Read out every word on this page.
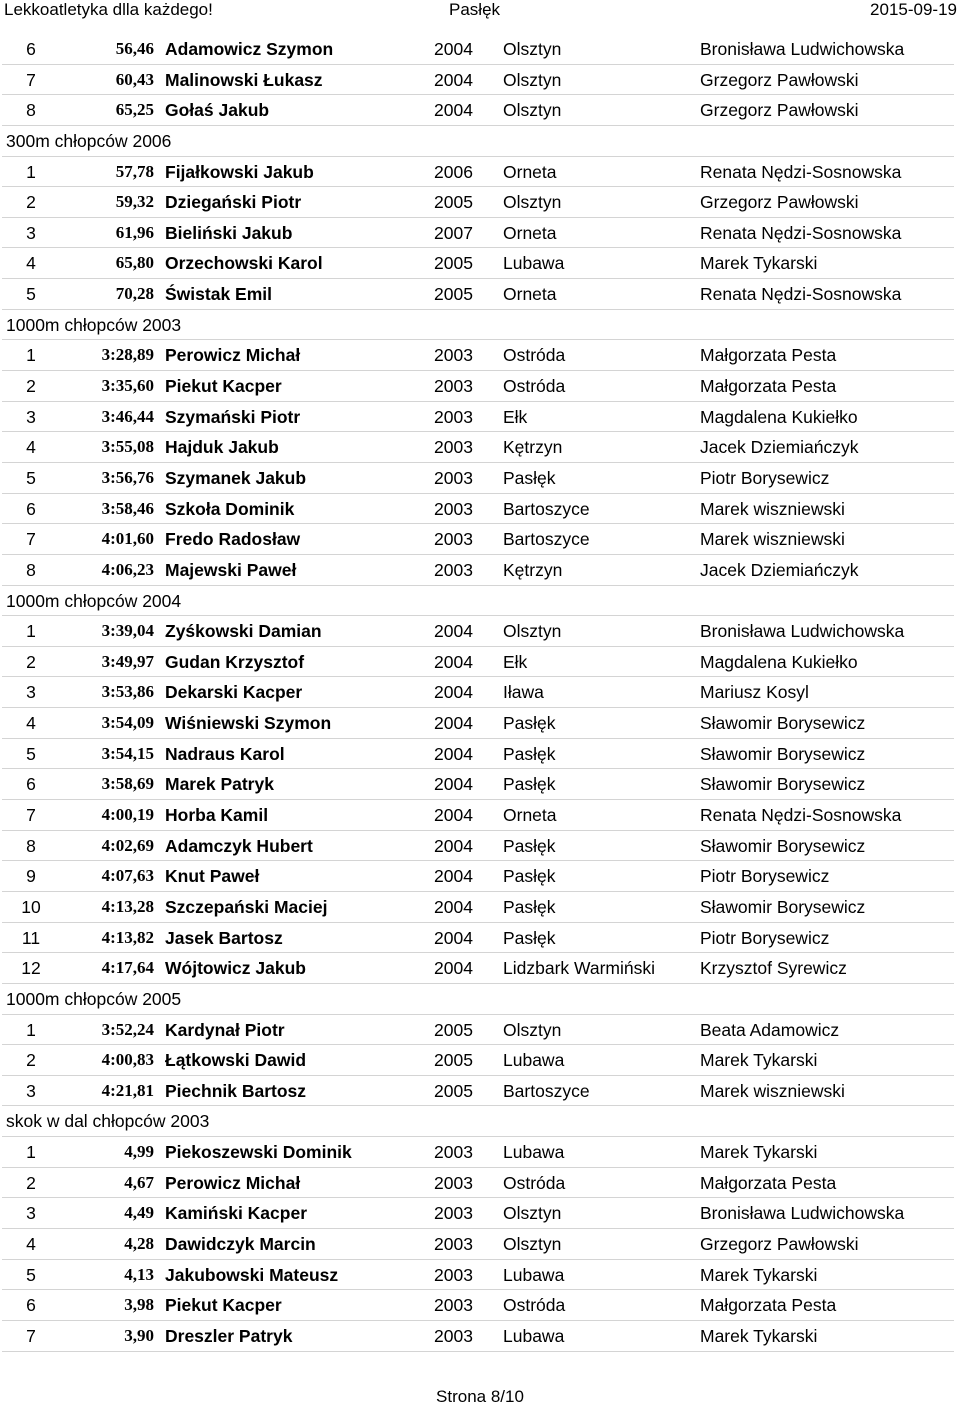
Lekkoatletyka dlla każdego!	Pasłęk	2015-09-19
6	56,46 Adamowicz Szymon	2004 Olsztyn	Bronisława Ludwichowska
7	60,43 Malinowski Łukasz	2004 Olsztyn	Grzegorz Pawłowski
8	65,25 Gołaś Jakub	2004 Olsztyn	Grzegorz Pawłowski
300m chłopców 2006
1	57,78 Fijałkowski Jakub	2006 Orneta	Renata Nędzi-Sosnowska
2	59,32 Dziegański Piotr	2005 Olsztyn	Grzegorz Pawłowski
3	61,96 Bieliński Jakub	2007 Orneta	Renata Nędzi-Sosnowska
4	65,80 Orzechowski Karol	2005 Lubawa	Marek Tykarski
5	70,28 Świstak Emil	2005 Orneta	Renata Nędzi-Sosnowska
1000m chłopców 2003
1	3:28,89 Perowicz Michał	2003 Ostróda	Małgorzata Pesta
2	3:35,60 Piekut Kacper	2003 Ostróda	Małgorzata Pesta
3	3:46,44 Szymański Piotr	2003 Ełk	Magdalena Kukiełko
4	3:55,08 Hajduk Jakub	2003 Kętrzyn	Jacek Dziemiańczyk
5	3:56,76 Szymanek Jakub	2003 Pasłęk	Piotr Borysewicz
6	3:58,46 Szkoła Dominik	2003 Bartoszyce	Marek wiszniewski
7	4:01,60 Fredo Radosław	2003 Bartoszyce	Marek wiszniewski
8	4:06,23 Majewski Paweł	2003 Kętrzyn	Jacek Dziemiańczyk
1000m chłopców 2004
1	3:39,04 Zyśkowski Damian	2004 Olsztyn	Bronisława Ludwichowska
2	3:49,97 Gudan Krzysztof	2004 Ełk	Magdalena Kukiełko
3	3:53,86 Dekarski Kacper	2004 Iława	Mariusz Kosyl
4	3:54,09 Wiśniewski Szymon	2004 Pasłęk	Sławomir Borysewicz
5	3:54,15 Nadraus Karol	2004 Pasłęk	Sławomir Borysewicz
6	3:58,69 Marek Patryk	2004 Pasłęk	Sławomir Borysewicz
7	4:00,19 Horba Kamil	2004 Orneta	Renata Nędzi-Sosnowska
8	4:02,69 Adamczyk Hubert	2004 Pasłęk	Sławomir Borysewicz
9	4:07,63 Knut Paweł	2004 Pasłęk	Piotr Borysewicz
10	4:13,28 Szczepański Maciej	2004 Pasłęk	Sławomir Borysewicz
11	4:13,82 Jasek Bartosz	2004 Pasłęk	Piotr Borysewicz
12	4:17,64 Wójtowicz Jakub	2004 Lidzbark Warmiński	Krzysztof Syrewicz
1000m chłopców 2005
1	3:52,24 Kardynał Piotr	2005 Olsztyn	Beata Adamowicz
2	4:00,83 Łątkowski Dawid	2005 Lubawa	Marek Tykarski
3	4:21,81 Piechnik Bartosz	2005 Bartoszyce	Marek wiszniewski
skok w dal chłopców 2003
1	4,99 Piekoszewski Dominik	2003 Lubawa	Marek Tykarski
2	4,67 Perowicz Michał	2003 Ostróda	Małgorzata Pesta
3	4,49 Kamiński Kacper	2003 Olsztyn	Bronisława Ludwichowska
4	4,28 Dawidczyk Marcin	2003 Olsztyn	Grzegorz Pawłowski
5	4,13 Jakubowski Mateusz	2003 Lubawa	Marek Tykarski
6	3,98 Piekut Kacper	2003 Ostróda	Małgorzata Pesta
7	3,90 Dreszler Patryk	2003 Lubawa	Marek Tykarski
Strona 8/10
